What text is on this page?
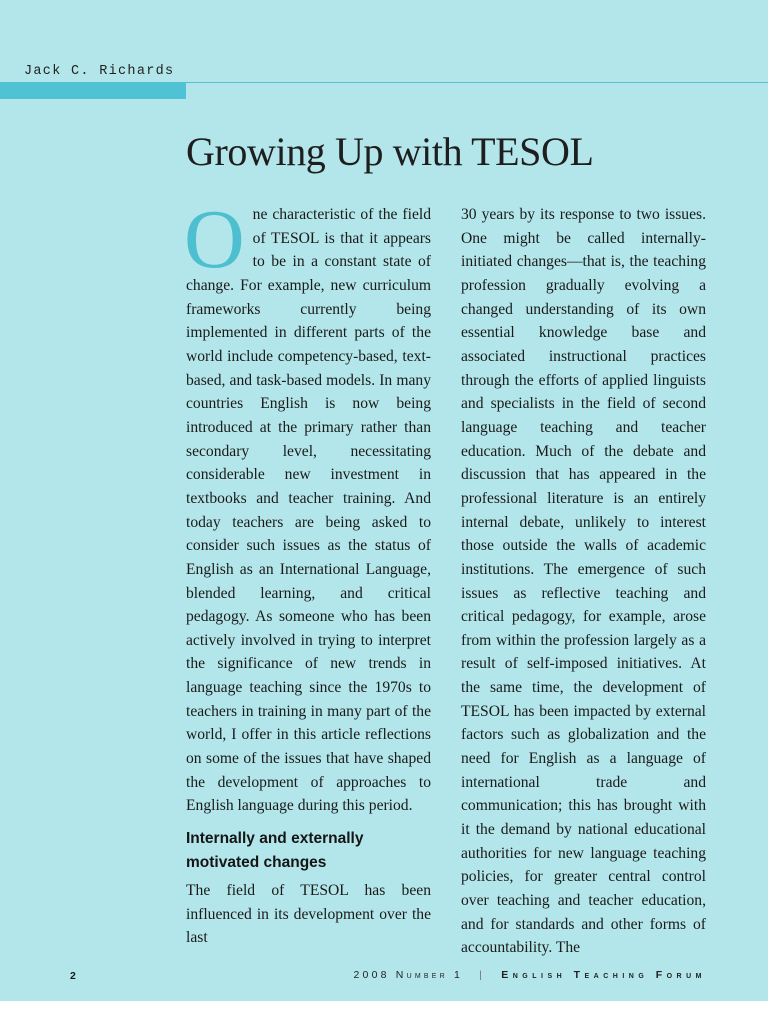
Jack C. Richards
Growing Up with TESOL

One characteristic of the field of TESOL is that it appears to be in a constant state of change. For example, new curriculum frameworks currently being implemented in different parts of the world include competency-based, text-based, and task-based models. In many countries English is now being introduced at the primary rather than secondary level, necessitating considerable new investment in textbooks and teacher training. And today teachers are being asked to consider such issues as the status of English as an International Language, blended learning, and critical pedagogy. As someone who has been actively involved in trying to interpret the significance of new trends in language teaching since the 1970s to teachers in training in many part of the world, I offer in this article reflections on some of the issues that have shaped the development of approaches to English language during this period.

Internally and externally motivated changes

The field of TESOL has been influenced in its development over the last

30 years by its response to two issues. One might be called internally-initiated changes—that is, the teaching profession gradually evolving a changed understanding of its own essential knowledge base and associated instructional practices through the efforts of applied linguists and specialists in the field of second language teaching and teacher education. Much of the debate and discussion that has appeared in the professional literature is an entirely internal debate, unlikely to interest those outside the walls of academic institutions. The emergence of such issues as reflective teaching and critical pedagogy, for example, arose from within the profession largely as a result of self-imposed initiatives. At the same time, the development of TESOL has been impacted by external factors such as globalization and the need for English as a language of international trade and communication; this has brought with it the demand by national educational authorities for new language teaching policies, for greater central control over teaching and teacher education, and for standards and other forms of accountability. The

2	2008 Number 1 | English Teaching Forum
